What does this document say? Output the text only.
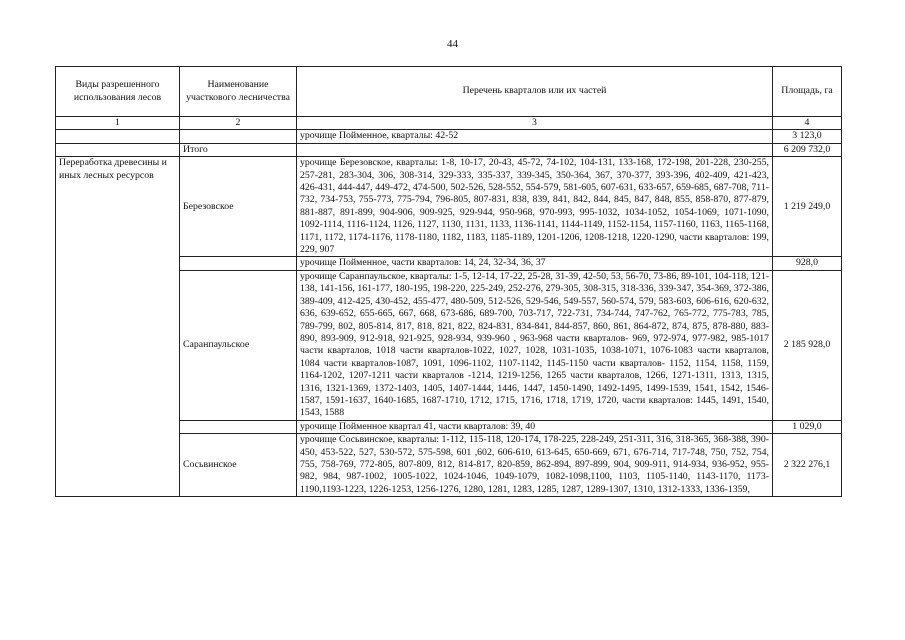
44
Виды разрешенного использования лесов	Наименование участкового лесничества	Перечень кварталов или их частей	Площадь, га
1	2	3	4
		урочище Пойменное, кварталы: 42-52	3 123,0
	Итого		6 209 732,0
Переработка древесины и иных лесных ресурсов	Березовское	урочище Березовское, кварталы: 1-8, 10-17, 20-43, 45-72, 74-102, 104-131, 133-168, 172-198, 201-228, 230-255, 257-281, 283-304, 306, 308-314, 329-333, 335-337, 339-345, 350-364, 367, 370-377, 393-396, 402-409, 421-423, 426-431, 444-447, 449-472, 474-500, 502-526, 528-552, 554-579, 581-605, 607-631, 633-657, 659-685, 687-708, 711-732, 734-753, 755-773, 775-794, 796-805, 807-831, 838, 839, 841, 842, 844, 845, 847, 848, 855, 858-870, 877-879, 881-887, 891-899, 904-906, 909-925, 929-944, 950-968, 970-993, 995-1032, 1034-1052, 1054-1069, 1071-1090, 1092-1114, 1116-1124, 1126, 1127, 1130, 1131, 1133, 1136-1141, 1144-1149, 1152-1154, 1157-1160, 1163, 1165-1168, 1171, 1172, 1174-1176, 1178-1180, 1182, 1183, 1185-1189, 1201-1206, 1208-1218, 1220-1290, части кварталов: 199, 229, 907	1 219 249,0
		урочище Пойменное, части кварталов: 14, 24, 32-34, 36, 37	928,0
	Саранпаульское	урочище Саранпаульское, кварталы: 1-5, 12-14, 17-22, 25-28, 31-39, 42-50, 53, 56-70, 73-86, 89-101, 104-118, 121-138, 141-156, 161-177, 180-195, 198-220, 225-249, 252-276, 279-305, 308-315, 318-336, 339-347, 354-369, 372-386, 389-409, 412-425, 430-452, 455-477, 480-509, 512-526, 529-546, 549-557, 560-574, 579, 583-603, 606-616, 620-632, 636, 639-652, 655-665, 667, 668, 673-686, 689-700, 703-717, 722-731, 734-744, 747-762, 765-772, 775-783, 785, 789-799, 802, 805-814, 817, 818, 821, 822, 824-831, 834-841, 844-857, 860, 861, 864-872, 874, 875, 878-880, 883-890, 893-909, 912-918, 921-925, 928-934, 939-960 , 963-968 части кварталов- 969, 972-974, 977-982, 985-1017 части кварталов, 1018 части кварталов-1022, 1027, 1028, 1031-1035, 1038-1071, 1076-1083 части кварталов, 1084 части кварталов-1087, 1091, 1096-1102, 1107-1142, 1145-1150 части кварталов- 1152, 1154, 1158, 1159, 1164-1202, 1207-1211 части кварталов -1214, 1219-1256, 1265 части кварталов, 1266, 1271-1311, 1313, 1315, 1316, 1321-1369, 1372-1403, 1405, 1407-1444, 1446, 1447, 1450-1490, 1492-1495, 1499-1539, 1541, 1542, 1546-1587, 1591-1637, 1640-1685, 1687-1710, 1712, 1715, 1716, 1718, 1719, 1720, части кварталов: 1445, 1491, 1540, 1543, 1588	2 185 928,0
		урочище Пойменное квартал 41, части кварталов: 39, 40	1 029,0
	Сосьвинское	урочище Сосьвинское, кварталы: 1-112, 115-118, 120-174, 178-225, 228-249, 251-311, 316, 318-365, 368-388, 390-450, 453-522, 527, 530-572, 575-598, 601 ,602, 606-610, 613-645, 650-669, 671, 676-714, 717-748, 750, 752, 754, 755, 758-769, 772-805, 807-809, 812, 814-817, 820-859, 862-894, 897-899, 904, 909-911, 914-934, 936-952, 955-982, 984, 987-1002, 1005-1022, 1024-1046, 1049-1079, 1082-1098,1100, 1103, 1105-1140, 1143-1170, 1173-1190,1193-1223, 1226-1253, 1256-1276, 1280, 1281, 1283, 1285, 1287, 1289-1307, 1310, 1312-1333, 1336-1359,	2 322 276,1
